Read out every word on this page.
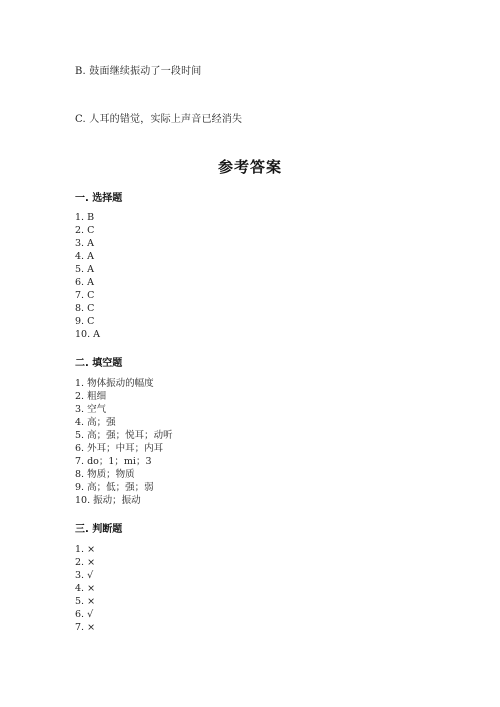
B. 鼓面继续振动了一段时间
C. 人耳的错觉，实际上声音已经消失
参考答案
一. 选择题
1. B
2. C
3. A
4. A
5. A
6. A
7. C
8. C
9. C
10. A
二. 填空题
1. 物体振动的幅度
2. 粗细
3. 空气
4. 高；强
5. 高；强；悦耳；动听
6. 外耳；中耳；内耳
7. do；1；mi；3
8. 物质；物质
9. 高；低；强；弱
10. 振动；振动
三. 判断题
1. ×
2. ×
3. √
4. ×
5. ×
6. √
7. ×
